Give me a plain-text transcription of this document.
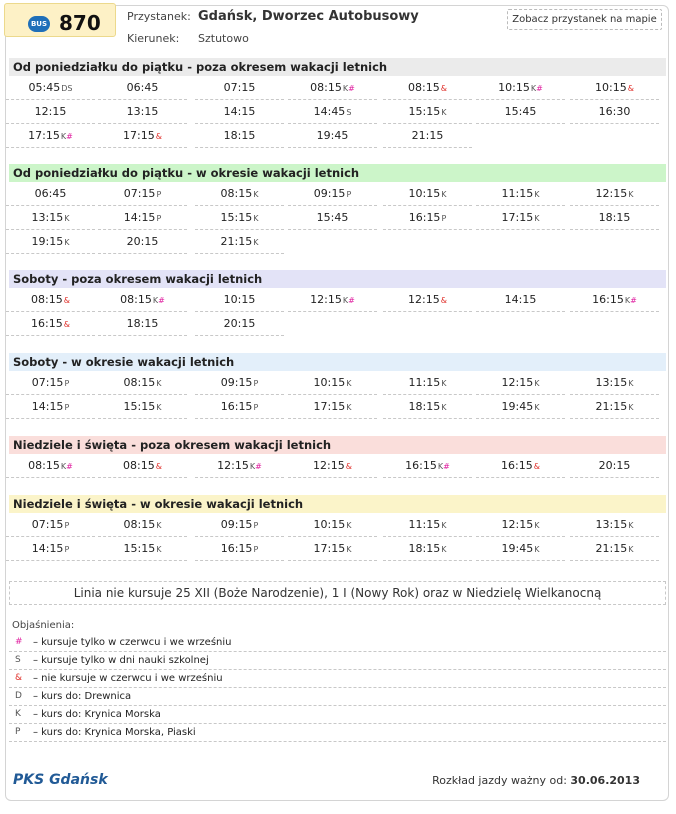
BUS 870 Przystanek: Gdańsk, Dworzec Autobusowy
Kierunek: Sztutowo
Zobacz przystanek na mapie
Od poniedziałku do piątku - poza okresem wakacji letnich
05:45DS	06:45	07:15	08:15K#	08:15&	10:15K#	10:15&
12:15	13:15	14:15	14:45S	15:15K	15:45	16:30
17:15K#	17:15&	18:15	19:45	21:15
Od poniedziałku do piątku - w okresie wakacji letnich
06:45	07:15P	08:15K	09:15P	10:15K	11:15K	12:15K
13:15K	14:15P	15:15K	15:45	16:15P	17:15K	18:15
19:15K	20:15	21:15K
Soboty - poza okresem wakacji letnich
08:15&	08:15K#	10:15	12:15K#	12:15&	14:15	16:15K#
16:15&	18:15	20:15
Soboty - w okresie wakacji letnich
07:15P	08:15K	09:15P	10:15K	11:15K	12:15K	13:15K
14:15P	15:15K	16:15P	17:15K	18:15K	19:45K	21:15K
Niedziele i święta - poza okresem wakacji letnich
08:15K#	08:15&	12:15K#	12:15&	16:15K#	16:15&	20:15
Niedziele i święta - w okresie wakacji letnich
07:15P	08:15K	09:15P	10:15K	11:15K	12:15K	13:15K
14:15P	15:15K	16:15P	17:15K	18:15K	19:45K	21:15K
Linia nie kursuje 25 XII (Boże Narodzenie), 1 I (Nowy Rok) oraz w Niedzielę Wielkanocną
Objaśnienia:
#	– kursuje tylko w czerwcu i we wrześniu
S	– kursuje tylko w dni nauki szkolnej
&	– nie kursuje w czerwcu i we wrześniu
D	– kurs do: Drewnica
K	– kurs do: Krynica Morska
P	– kurs do: Krynica Morska, Piaski
PKS Gdańsk	Rozkład jazdy ważny od: 30.06.2013
